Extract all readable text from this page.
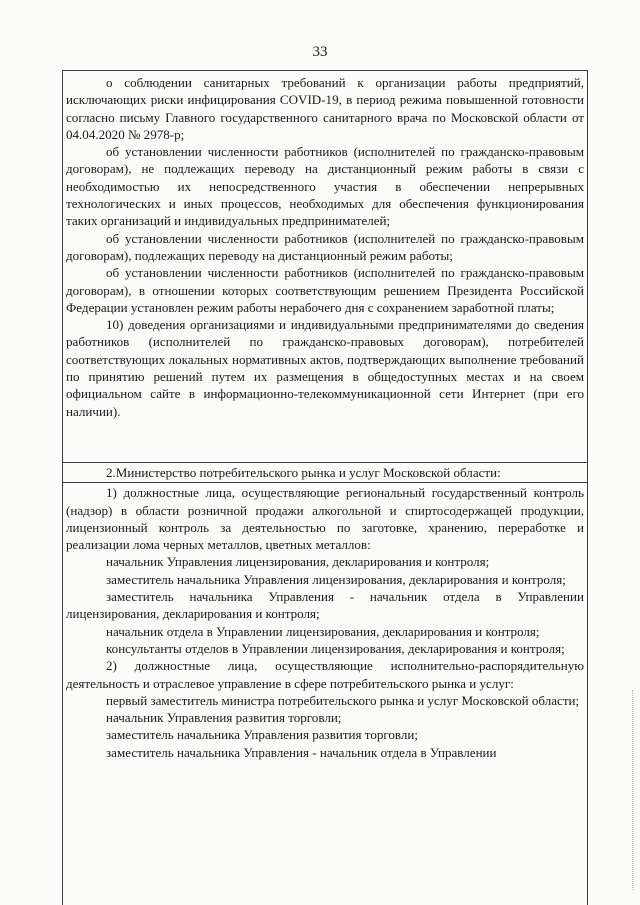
33

о соблюдении санитарных требований к организации работы предприятий, исключающих риски инфицирования COVID-19, в период режима повышенной готовности согласно письму Главного государственного санитарного врача по Московской области от 04.04.2020 № 2978-р;

об установлении численности работников (исполнителей по гражданско-правовым договорам), не подлежащих переводу на дистанционный режим работы в связи с необходимостью их непосредственного участия в обеспечении непрерывных технологических и иных процессов, необходимых для обеспечения функционирования таких организаций и индивидуальных предпринимателей;

об установлении численности работников (исполнителей по гражданско-правовым договорам), подлежащих переводу на дистанционный режим работы;

об установлении численности работников (исполнителей по гражданско-правовым договорам), в отношении которых соответствующим решением Президента Российской Федерации установлен режим работы нерабочего дня с сохранением заработной платы;

10) доведения организациями и индивидуальными предпринимателями до сведения работников (исполнителей по гражданско-правовых договорам), потребителей соответствующих локальных нормативных актов, подтверждающих выполнение требований по принятию решений путем их размещения в общедоступных местах и на своем официальном сайте в информационно-телекоммуникационной сети Интернет (при его наличии).

2.Министерство потребительского рынка и услуг Московской области:

1) должностные лица, осуществляющие региональный государственный контроль (надзор) в области розничной продажи алкогольной и спиртосодержащей продукции, лицензионный контроль за деятельностью по заготовке, хранению, переработке и реализации лома черных металлов, цветных металлов:

начальник Управления лицензирования, декларирования и контроля;

заместитель начальника Управления лицензирования, декларирования и контроля;

заместитель начальника Управления - начальник отдела в Управлении лицензирования, декларирования и контроля;

начальник отдела в Управлении лицензирования, декларирования и контроля;

консультанты отделов в Управлении лицензирования, декларирования и контроля;

2) должностные лица, осуществляющие исполнительно-распорядительную деятельность и отраслевое управление в сфере потребительского рынка и услуг:

первый заместитель министра потребительского рынка и услуг Московской области;

начальник Управления развития торговли;

заместитель начальника Управления развития торговли;

заместитель начальника Управления - начальник отдела в Управлении
